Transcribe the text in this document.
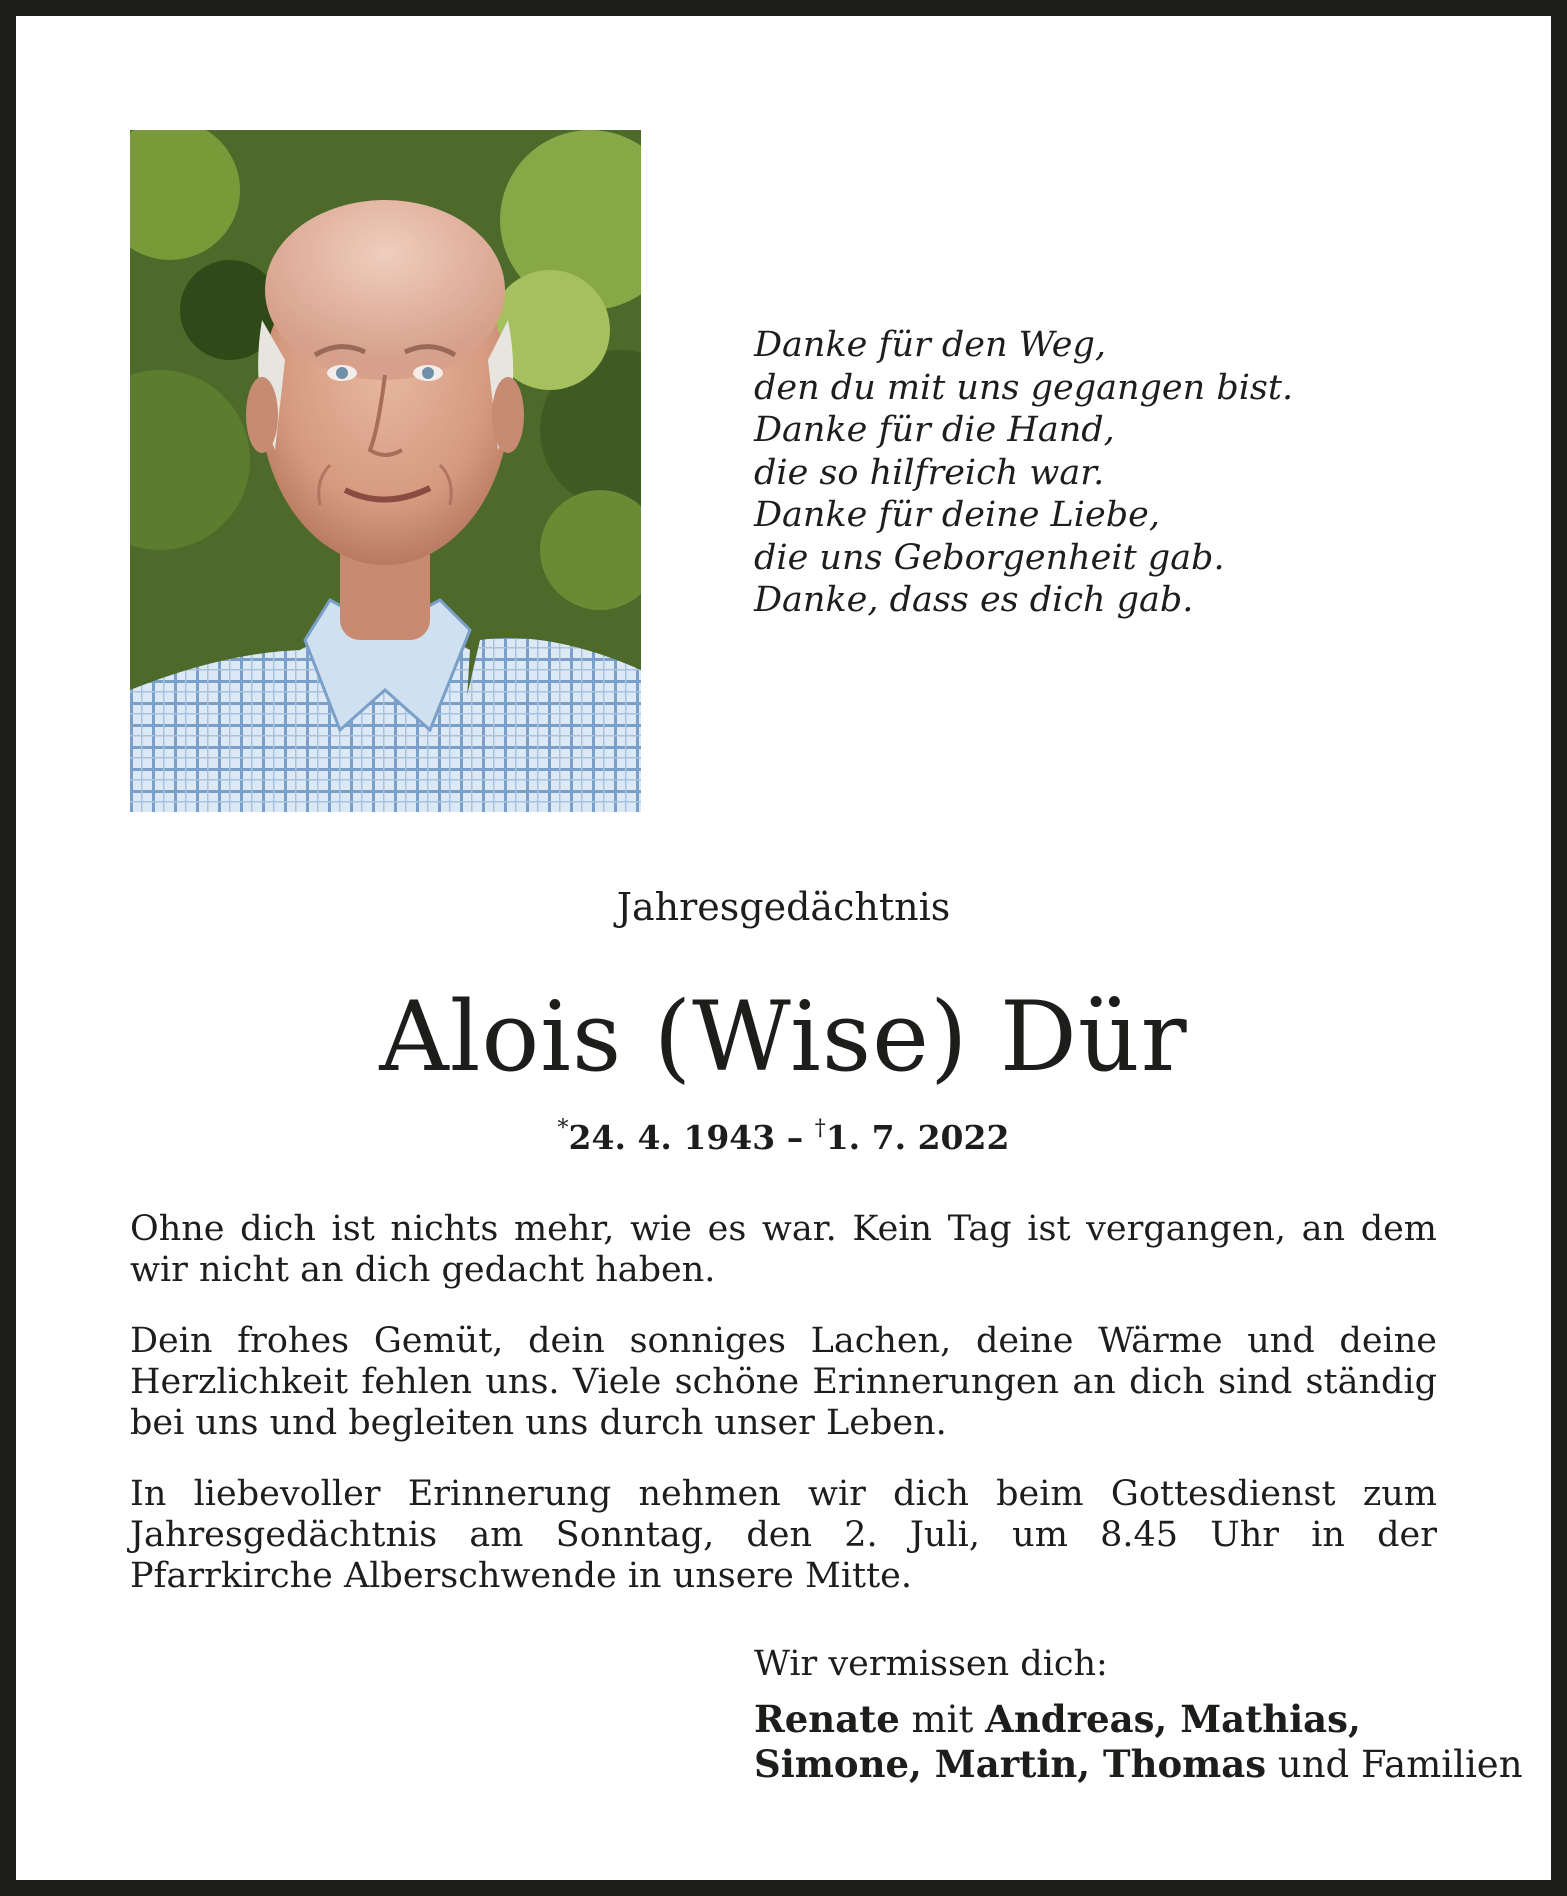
Danke für den Weg,
den du mit uns gegangen bist.
Danke für die Hand,
die so hilfreich war.
Danke für deine Liebe,
die uns Geborgenheit gab.
Danke, dass es dich gab.
Jahresgedächtnis
Alois (Wise) Dür
*24. 4. 1943 – †1. 7. 2022
Ohne dich ist nichts mehr, wie es war. Kein Tag ist vergangen, an dem wir nicht an dich gedacht haben.
Dein frohes Gemüt, dein sonniges Lachen, deine Wärme und deine Herzlichkeit fehlen uns. Viele schöne Erinnerungen an dich sind ständig bei uns und begleiten uns durch unser Leben.
In liebevoller Erinnerung nehmen wir dich beim Gottesdienst zum Jahresgedächtnis am Sonntag, den 2. Juli, um 8.45 Uhr in der Pfarrkirche Alberschwende in unsere Mitte.
Wir vermissen dich:
Renate mit Andreas, Mathias,
Simone, Martin, Thomas und Familien
